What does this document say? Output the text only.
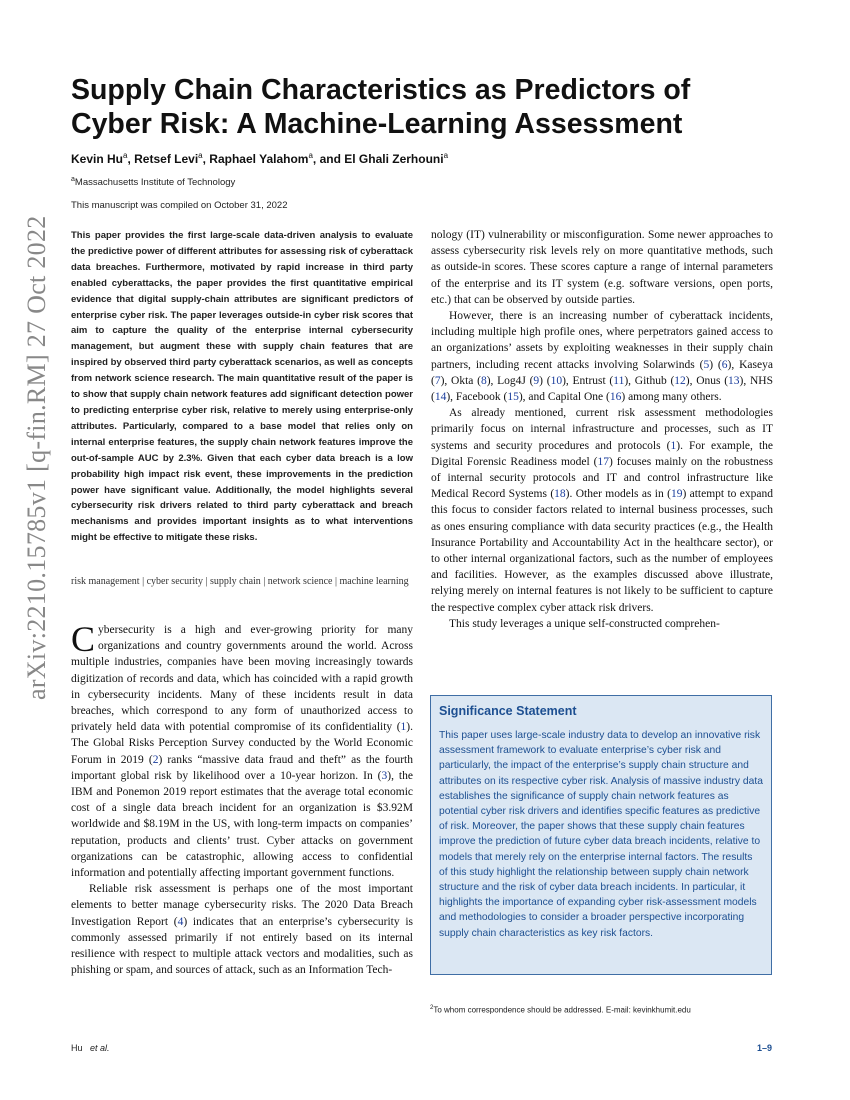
arXiv:2210.15785v1 [q-fin.RM] 27 Oct 2022
Supply Chain Characteristics as Predictors of Cyber Risk: A Machine-Learning Assessment
Kevin Hu$^a$, Retsef Levi$^a$, Raphael Yalahom$^a$, and El Ghali Zerhouni$^a$
$^a$Massachusetts Institute of Technology
This manuscript was compiled on October 31, 2022

This paper provides the first large-scale data-driven analysis to evaluate the predictive power of different attributes for assessing risk of cyberattack data breaches. Furthermore, motivated by rapid increase in third party enabled cyberattacks, the paper provides the first quantitative empirical evidence that digital supply-chain attributes are significant predictors of enterprise cyber risk. The paper leverages outside-in cyber risk scores that aim to capture the quality of the enterprise internal cybersecurity management, but augment these with supply chain features that are inspired by observed third party cyberattack scenarios, as well as concepts from network science research. The main quantitative result of the paper is to show that supply chain network features add significant detection power to predicting enterprise cyber risk, relative to merely using enterprise-only attributes. Particularly, compared to a base model that relies only on internal enterprise features, the supply chain network features improve the out-of-sample AUC by 2.3%. Given that each cyber data breach is a low probability high impact risk event, these improvements in the prediction power have significant value. Additionally, the model highlights several cybersecurity risk drivers related to third party cyberattack and breach mechanisms and provides important insights as to what interventions might be effective to mitigate these risks.

risk management | cyber security | supply chain | network science | machine learning

Cybersecurity is a high and ever-growing priority for many organizations and country governments around the world. Across multiple industries, companies have been moving increasingly towards digitization of records and data, which has coincided with a rapid growth in cybersecurity incidents. Many of these incidents result in data breaches, which correspond to any form of unauthorized access to privately held data with potential compromise of its confidentiality (1). The Global Risks Perception Survey conducted by the World Economic Forum in 2019 (2) ranks “massive data fraud and theft” as the fourth important global risk by likelihood over a 10-year horizon. In (3), the IBM and Ponemon 2019 report estimates that the average total economic cost of a single data breach incident for an organization is $3.92M worldwide and $8.19M in the US, with long-term impacts on companies’ reputation, products and clients’ trust. Cyber attacks on government organizations can be catastrophic, allowing access to confidential information and potentially affecting important government functions.

Reliable risk assessment is perhaps one of the most important elements to better manage cybersecurity risks. The 2020 Data Breach Investigation Report (4) indicates that an enterprise’s cybersecurity is commonly assessed primarily if not entirely based on its internal resilience with respect to multiple attack vectors and modalities, such as phishing or spam, and sources of attack, such as an Information Tech-

nology (IT) vulnerability or misconfiguration. Some newer approaches to assess cybersecurity risk levels rely on more quantitative methods, such as outside-in scores. These scores capture a range of internal parameters of the enterprise and its IT system (e.g. software versions, open ports, etc.) that can be observed by outside parties.

However, there is an increasing number of cyberattack incidents, including multiple high profile ones, where perpetrators gained access to an organizations’ assets by exploiting weaknesses in their supply chain partners, including recent attacks involving Solarwinds (5) (6), Kaseya (7), Okta (8), Log4J (9) (10), Entrust (11), Github (12), Onus (13), NHS (14), Facebook (15), and Capital One (16) among many others.

As already mentioned, current risk assessment methodologies primarily focus on internal infrastructure and processes, such as IT systems and security procedures and protocols (1). For example, the Digital Forensic Readiness model (17) focuses mainly on the robustness of internal security protocols and IT and control infrastructure like Medical Record Systems (18). Other models as in (19) attempt to expand this focus to consider factors related to internal business processes, such as ones ensuring compliance with data security practices (e.g., the Health Insurance Portability and Accountability Act in the healthcare sector), or to other internal organizational factors, such as the number of employees and facilities. However, as the examples discussed above illustrate, relying merely on internal features is not likely to be sufficient to capture the respective complex cyber attack risk drivers.

This study leverages a unique self-constructed comprehen-

Significance Statement

This paper uses large-scale industry data to develop an innovative risk assessment framework to evaluate enterprise’s cyber risk and particularly, the impact of the enterprise’s supply chain structure and attributes on its respective cyber risk. Analysis of massive industry data establishes the significance of supply chain network features as potential cyber risk drivers and identifies specific features as predictive of risk. Moreover, the paper shows that these supply chain features improve the prediction of future cyber data breach incidents, relative to models that merely rely on the enterprise internal factors. The results of this study highlight the relationship between supply chain network structure and the risk of cyber data breach incidents. In particular, it highlights the importance of expanding cyber risk-assessment models and methodologies to consider a broader perspective incorporating supply chain characteristics as key risk factors.

$^2$To whom correspondence should be addressed. E-mail: kevinkhumit.edu
Hu et al.	1–9
